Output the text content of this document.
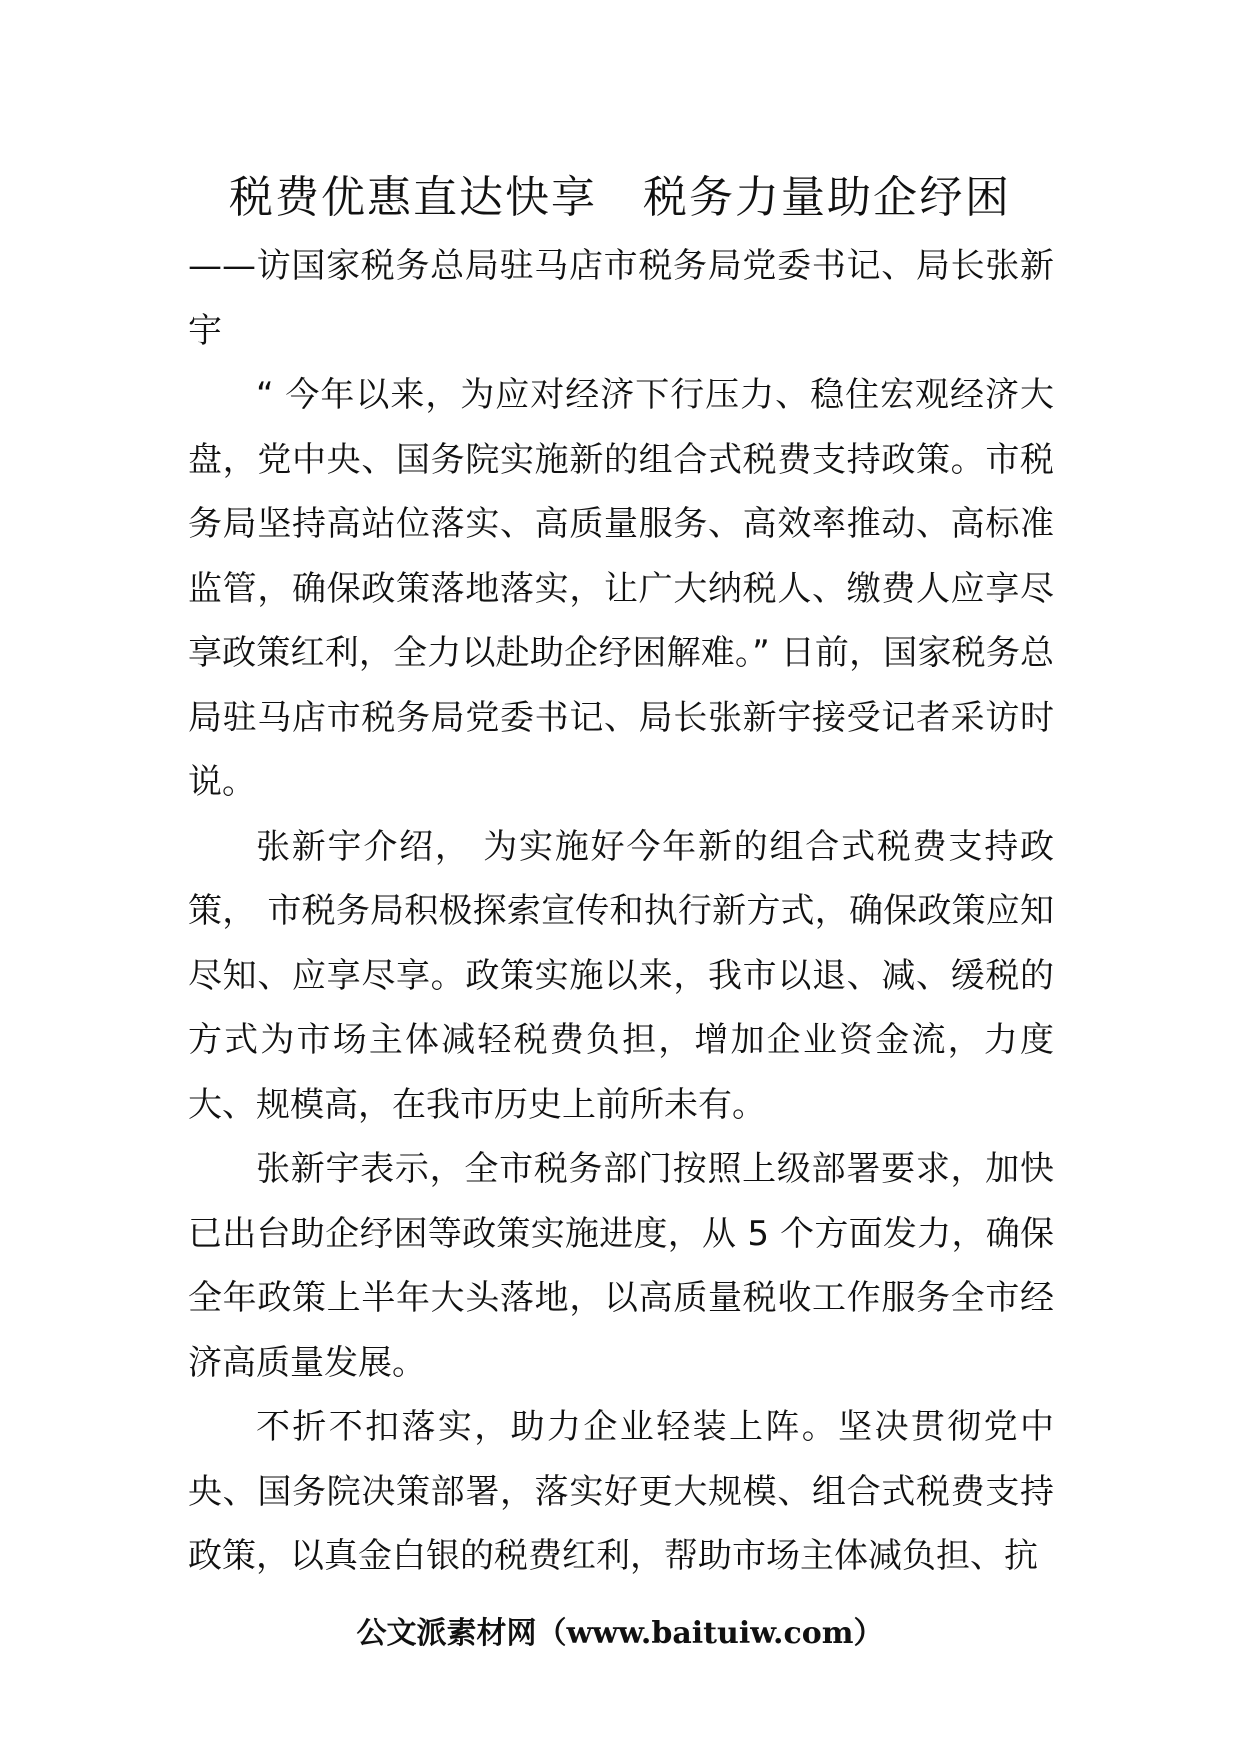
税费优惠直达快享　税务力量助企纾困

——访国家税务总局驻马店市税务局党委书记、局长张新宇

“ 今年以来，为应对经济下行压力、稳住宏观经济大盘，党中央、国务院实施新的组合式税费支持政策。市税务局坚持高站位落实、高质量服务、高效率推动、高标准监管，确保政策落地落实，让广大纳税人、缴费人应享尽享政策红利，全力以赴助企纾困解难。” 日前，国家税务总局驻马店市税务局党委书记、局长张新宇接受记者采访时说。

张新宇介绍， 为实施好今年新的组合式税费支持政策， 市税务局积极探索宣传和执行新方式，确保政策应知尽知、应享尽享。政策实施以来，我市以退、减、缓税的方式为市场主体减轻税费负担，增加企业资金流，力度大、规模高，在我市历史上前所未有。

张新宇表示，全市税务部门按照上级部署要求，加快已出台助企纾困等政策实施进度，从 5 个方面发力，确保全年政策上半年大头落地，以高质量税收工作服务全市经济高质量发展。

不折不扣落实，助力企业轻装上阵。坚决贯彻党中央、国务院决策部署，落实好更大规模、组合式税费支持政策，以真金白银的税费红利，帮助市场主体减负担、抗

公文派素材网（www.baituiw.com）
